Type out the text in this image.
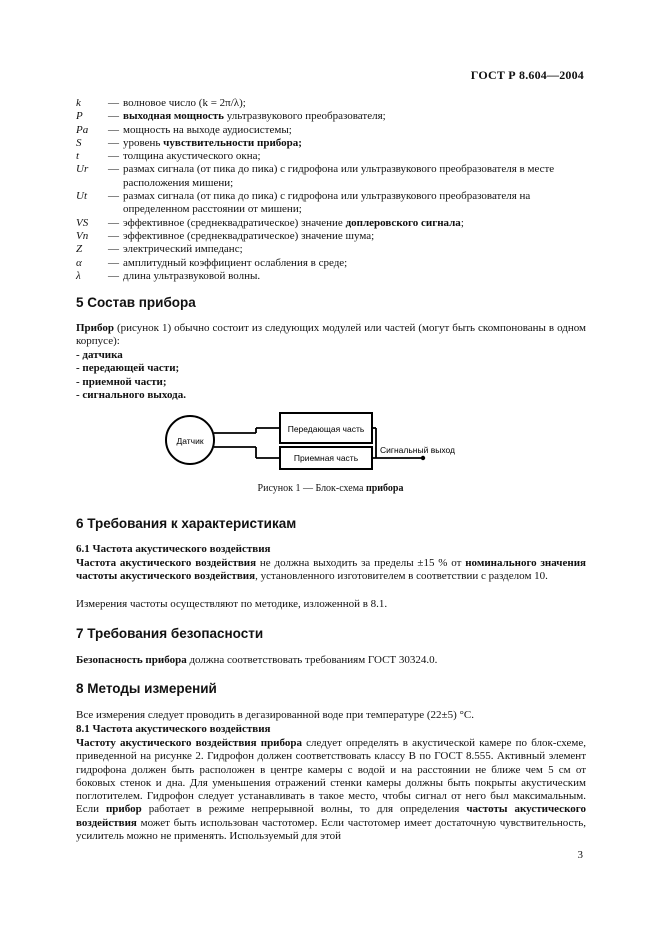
ГОСТ Р 8.604—2004
k	— волновое число (k = 2π/λ);
P	— выходная мощность ультразвукового преобразователя;
Pa	— мощность на выходе аудиосистемы;
S	— уровень чувствительности прибора;
t	— толщина акустического окна;
Ur	— размах сигнала (от пика до пика) с гидрофона или ультразвукового преобразователя в месте расположения мишени;
Ut	— размах сигнала (от пика до пика) с гидрофона или ультразвукового преобразователя на определенном расстоянии от мишени;
VS	— эффективное (среднеквадратическое) значение доплеровского сигнала;
Vn	— эффективное (среднеквадратическое) значение шума;
Z	— электрический импеданс;
α	— амплитудный коэффициент ослабления в среде;
λ	— длина ультразвуковой волны.
5 Состав прибора

Прибор (рисунок 1) обычно состоит из следующих модулей или частей (могут быть скомпонованы в одном корпусе):

- датчика
- передающей части;
- приемной части;
- сигнального выхода.
Датчик
Передающая часть
Приемная часть
Сигнальный выход
Рисунок 1 — Блок-схема прибора
6 Требования к характеристикам

6.1 Частота акустического воздействия

Частота акустического воздействия не должна выходить за пределы ±15 % от номинального значения частоты акустического воздействия, установленного изготовителем в соответствии с разделом 10.

Измерения частоты осуществляют по методике, изложенной в 8.1.

7 Требования безопасности

Безопасность прибора должна соответствовать требованиям ГОСТ 30324.0.

8 Методы измерений

Все измерения следует проводить в дегазированной воде при температуре (22±5) °С.

8.1 Частота акустического воздействия

Частоту акустического воздействия прибора следует определять в акустической камере по блок-схеме, приведенной на рисунке 2. Гидрофон должен соответствовать классу В по ГОСТ 8.555. Активный элемент гидрофона должен быть расположен в центре камеры с водой и на расстоянии не ближе чем 5 см от боковых стенок и дна. Для уменьшения отражений стенки камеры должны быть покрыты акустическим поглотителем. Гидрофон следует устанавливать в такое место, чтобы сигнал от него был максимальным. Если прибор работает в режиме непрерывной волны, то для определения частоты акустического воздействия может быть использован частотомер. Если частотомер имеет достаточную чувствительность, усилитель можно не применять. Используемый для этой

3
